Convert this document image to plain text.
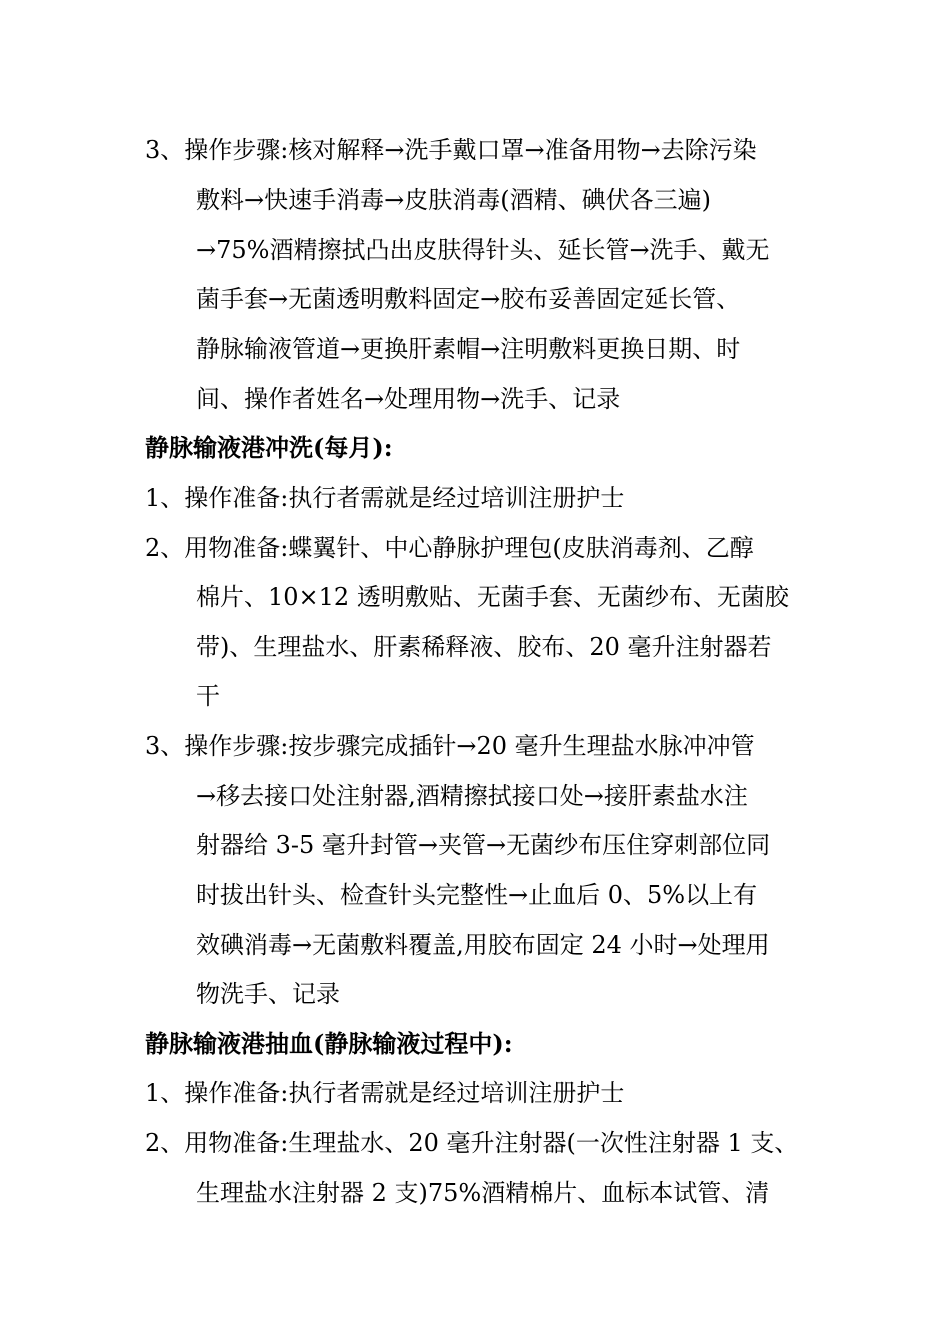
3、操作步骤:核对解释→洗手戴口罩→准备用物→去除污染
敷料→快速手消毒→皮肤消毒(酒精、碘伏各三遍)
→75%酒精擦拭凸出皮肤得针头、延长管→洗手、戴无
菌手套→无菌透明敷料固定→胶布妥善固定延长管、
静脉输液管道→更换肝素帽→注明敷料更换日期、时
间、操作者姓名→处理用物→洗手、记录
静脉输液港冲洗(每月):
1、操作准备:执行者需就是经过培训注册护士
2、用物准备:蝶翼针、中心静脉护理包(皮肤消毒剂、乙醇
棉片、10×12 透明敷贴、无菌手套、无菌纱布、无菌胶
带)、生理盐水、肝素稀释液、胶布、20 毫升注射器若
干
3、操作步骤:按步骤完成插针→20 毫升生理盐水脉冲冲管
→移去接口处注射器,酒精擦拭接口处→接肝素盐水注
射器给 3-5 毫升封管→夹管→无菌纱布压住穿刺部位同
时拔出针头、检查针头完整性→止血后 0、5%以上有
效碘消毒→无菌敷料覆盖,用胶布固定 24 小时→处理用
物洗手、记录
静脉输液港抽血(静脉输液过程中):
1、操作准备:执行者需就是经过培训注册护士
2、用物准备:生理盐水、20 毫升注射器(一次性注射器 1 支、
生理盐水注射器 2 支)75%酒精棉片、血标本试管、清
